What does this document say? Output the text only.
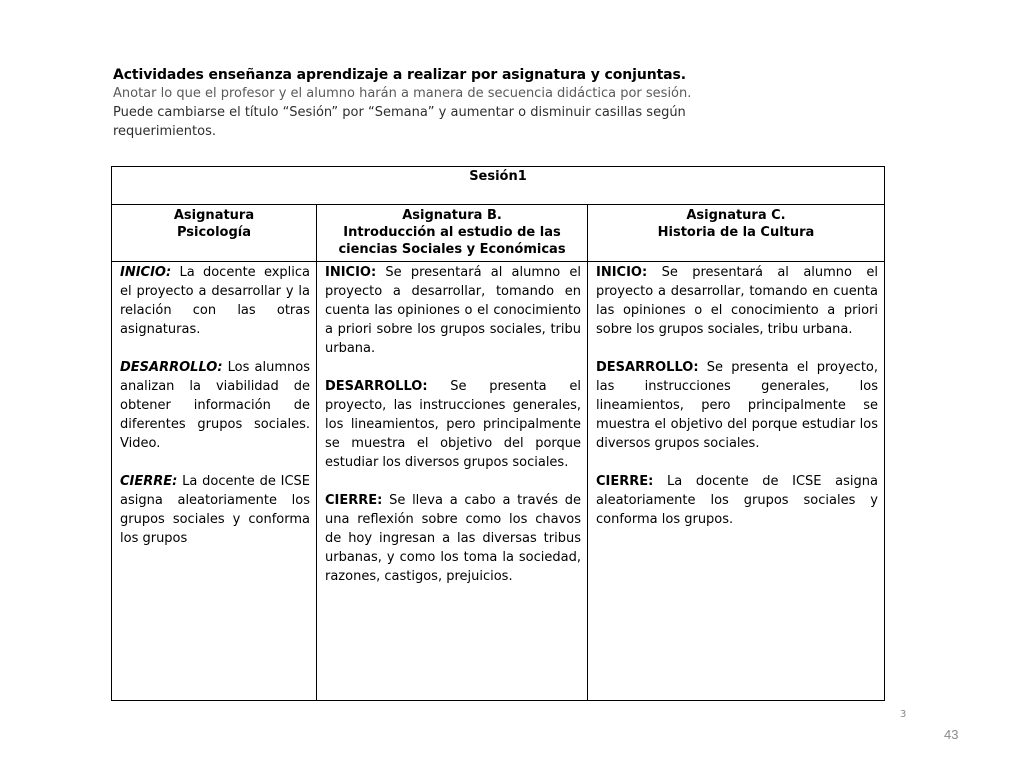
Actividades enseñanza aprendizaje a realizar por asignatura y conjuntas.

Anotar lo que el profesor y el alumno harán a manera de secuencia didáctica por sesión.

Puede cambiarse el título “Sesión” por “Semana” y aumentar o disminuir casillas según

requerimientos.

Sesión1
Asignatura
Psicología

INICIO: La docente explica el proyecto a desarrollar y la relación con las otras asignaturas.

DESARROLLO: Los alumnos analizan la viabilidad de obtener información de diferentes grupos sociales. Video.

CIERRE: La docente de ICSE asigna aleatoriamente los grupos sociales y conforma los grupos

Asignatura B.
Introducción al estudio de las
ciencias Sociales y Económicas

INICIO: Se presentará al alumno el proyecto a desarrollar, tomando en cuenta las opiniones o el conocimiento a priori sobre los grupos sociales, tribu urbana.

DESARROLLO: Se presenta el proyecto, las instrucciones generales, los lineamientos, pero principalmente se muestra el objetivo del porque estudiar los diversos grupos sociales.

CIERRE: Se lleva a cabo a través de una reflexión sobre como los chavos de hoy ingresan a las diversas tribus urbanas, y como los toma la sociedad, razones, castigos, prejuicios.

Asignatura C.
Historia de la Cultura

INICIO: Se presentará al alumno el proyecto a desarrollar, tomando en cuenta las opiniones o el conocimiento a priori sobre los grupos sociales, tribu urbana.

DESARROLLO: Se presenta el proyecto, las instrucciones generales, los lineamientos, pero principalmente se muestra el objetivo del porque estudiar los diversos grupos sociales.

CIERRE: La docente de ICSE asigna aleatoriamente los grupos sociales y conforma los grupos.

3
43
